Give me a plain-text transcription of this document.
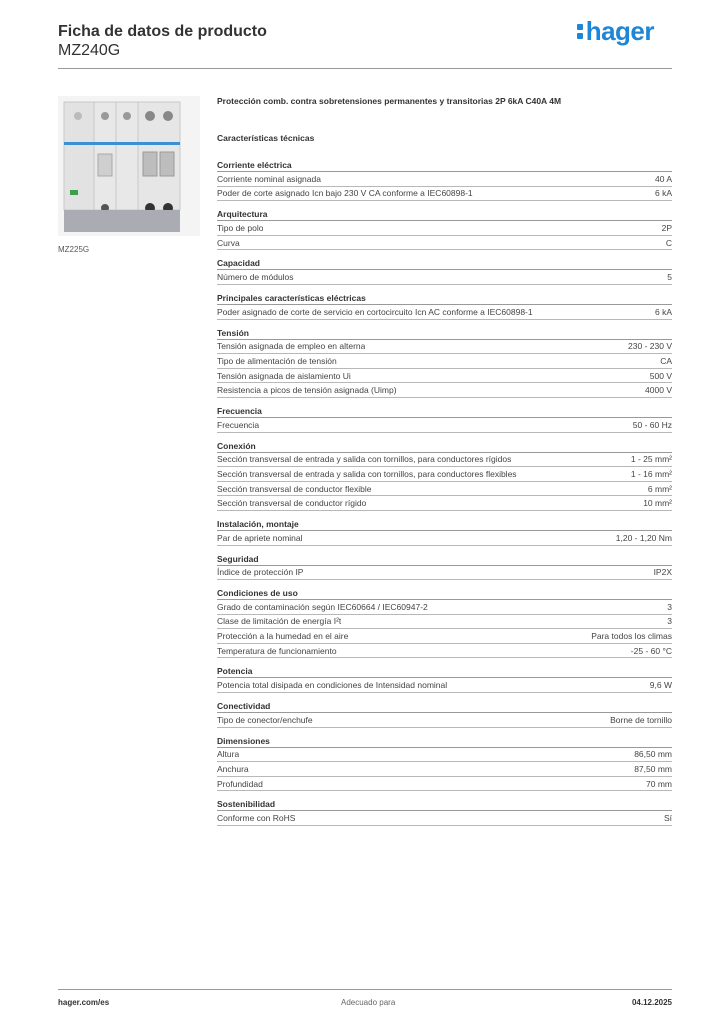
Ficha de datos de producto
MZ240G
hager
MZ225G
Protección comb. contra sobretensiones permanentes y transitorias 2P 6kA C40A 4M
Características técnicas
Corriente eléctrica
Corriente nominal asignada	40 A
Poder de corte asignado Icn bajo 230 V CA conforme a IEC60898-1	6 kA
Arquitectura
Tipo de polo	2P
Curva	C
Capacidad
Número de módulos	5
Principales características eléctricas
Poder asignado de corte de servicio en cortocircuito Icn AC conforme a IEC60898-1	6 kA
Tensión
Tensión asignada de empleo en alterna	230 - 230 V
Tipo de alimentación de tensión	CA
Tensión asignada de aislamiento Ui	500 V
Resistencia a picos de tensión asignada (Uimp)	4000 V
Frecuencia
Frecuencia	50 - 60 Hz
Conexión
Sección transversal de entrada y salida con tornillos, para conductores rígidos	1 - 25 mm²
Sección transversal de entrada y salida con tornillos, para conductores flexibles	1 - 16 mm²
Sección transversal de conductor flexible	6 mm²
Sección transversal de conductor rígido	10 mm²
Instalación, montaje
Par de apriete nominal	1,20 - 1,20 Nm
Seguridad
Índice de protección IP	IP2X
Condiciones de uso
Grado de contaminación según IEC60664 / IEC60947-2	3
Clase de limitación de energía I²t	3
Protección a la humedad en el aire	Para todos los climas
Temperatura de funcionamiento	-25 - 60 °C
Potencia
Potencia total disipada en condiciones de Intensidad nominal	9,6 W
Conectividad
Tipo de conector/enchufe	Borne de tornillo
Dimensiones
Altura	86,50 mm
Anchura	87,50 mm
Profundidad	70 mm
Sostenibilidad
Conforme con RoHS	Sí
hager.com/es	Adecuado para	04.12.2025
